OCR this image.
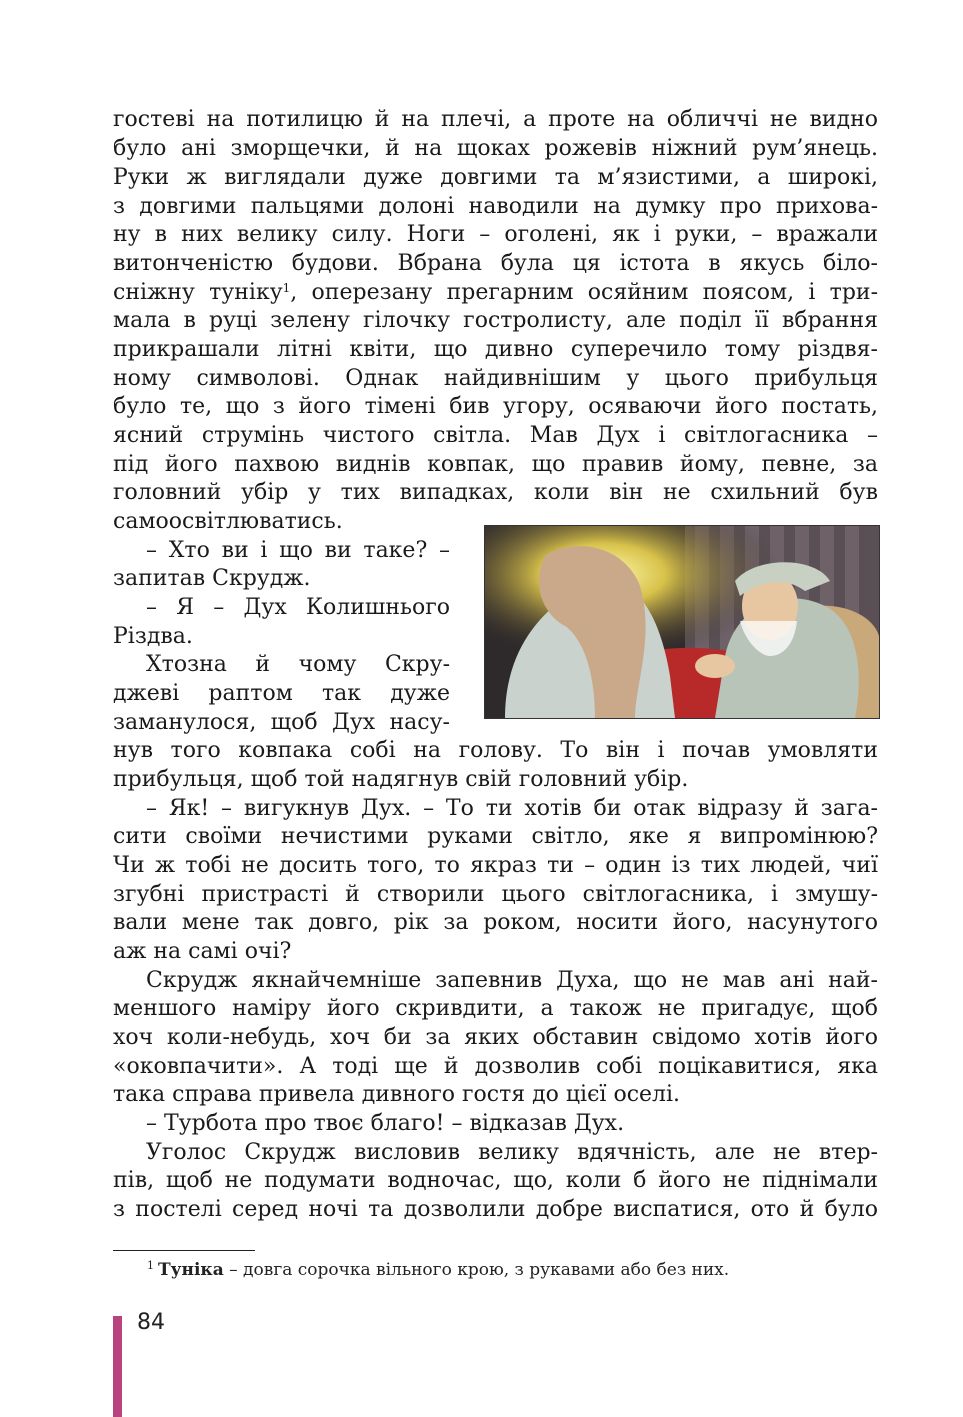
гостеві на потилицю й на плечі, а проте на обличчі не видно
було ані зморщечки, й на щоках рожевів ніжний рум’янець.
Руки ж виглядали дуже довгими та м’язистими, а широкі,
з довгими пальцями долоні наводили на думку про прихова-
ну в них велику силу. Ноги – оголені, як і руки, – вражали
витонченістю будови. Вбрана була ця істота в якусь біло-
сніжну туніку$^1$, оперезану прегарним осяйним поясом, і три-
мала в руці зелену гілочку гостролисту, але поділ її вбрання
прикрашали літні квіти, що дивно суперечило тому різдвя-
ному символові. Однак найдивнішим у цього прибульця
було те, що з його тімені бив угору, осяваючи його постать,
ясний струмінь чистого світла. Мав Дух і світлогасника –
під його пахвою виднів ковпак, що правив йому, певне, за
головний убір у тих випадках, коли він не схильний був
самоосвітлюватись.
– Хто ви і що ви таке? –
запитав Скрудж.
– Я – Дух Колишнього
Різдва.
Хтозна й чому Скру-
джеві раптом так дуже
заманулося, щоб Дух насу-
нув того ковпака собі на голову. То він і почав умовляти
прибульця, щоб той надягнув свій головний убір.
– Як! – вигукнув Дух. – То ти хотів би отак відразу й зага-
сити своїми нечистими руками світло, яке я випромінюю?
Чи ж тобі не досить того, то якраз ти – один із тих людей, чиї
згубні пристрасті й створили цього світлогасника, і змушу-
вали мене так довго, рік за роком, носити його, насунутого
аж на самі очі?
Скрудж якнайчемніше запевнив Духа, що не мав ані най-
меншого наміру його скривдити, а також не пригадує, щоб
хоч коли-небудь, хоч би за яких обставин свідомо хотів його
«оковпачити». А тоді ще й дозволив собі поцікавитися, яка
така справа привела дивного гостя до цієї оселі.
– Турбота про твоє благо! – відказав Дух.
Уголос Скрудж висловив велику вдячність, але не втер-
пів, щоб не подумати водночас, що, коли б його не піднімали
з постелі серед ночі та дозволили добре виспатися, ото й було
$^1$ Туніка – довга сорочка вільного крою, з рукавами або без них.
84
